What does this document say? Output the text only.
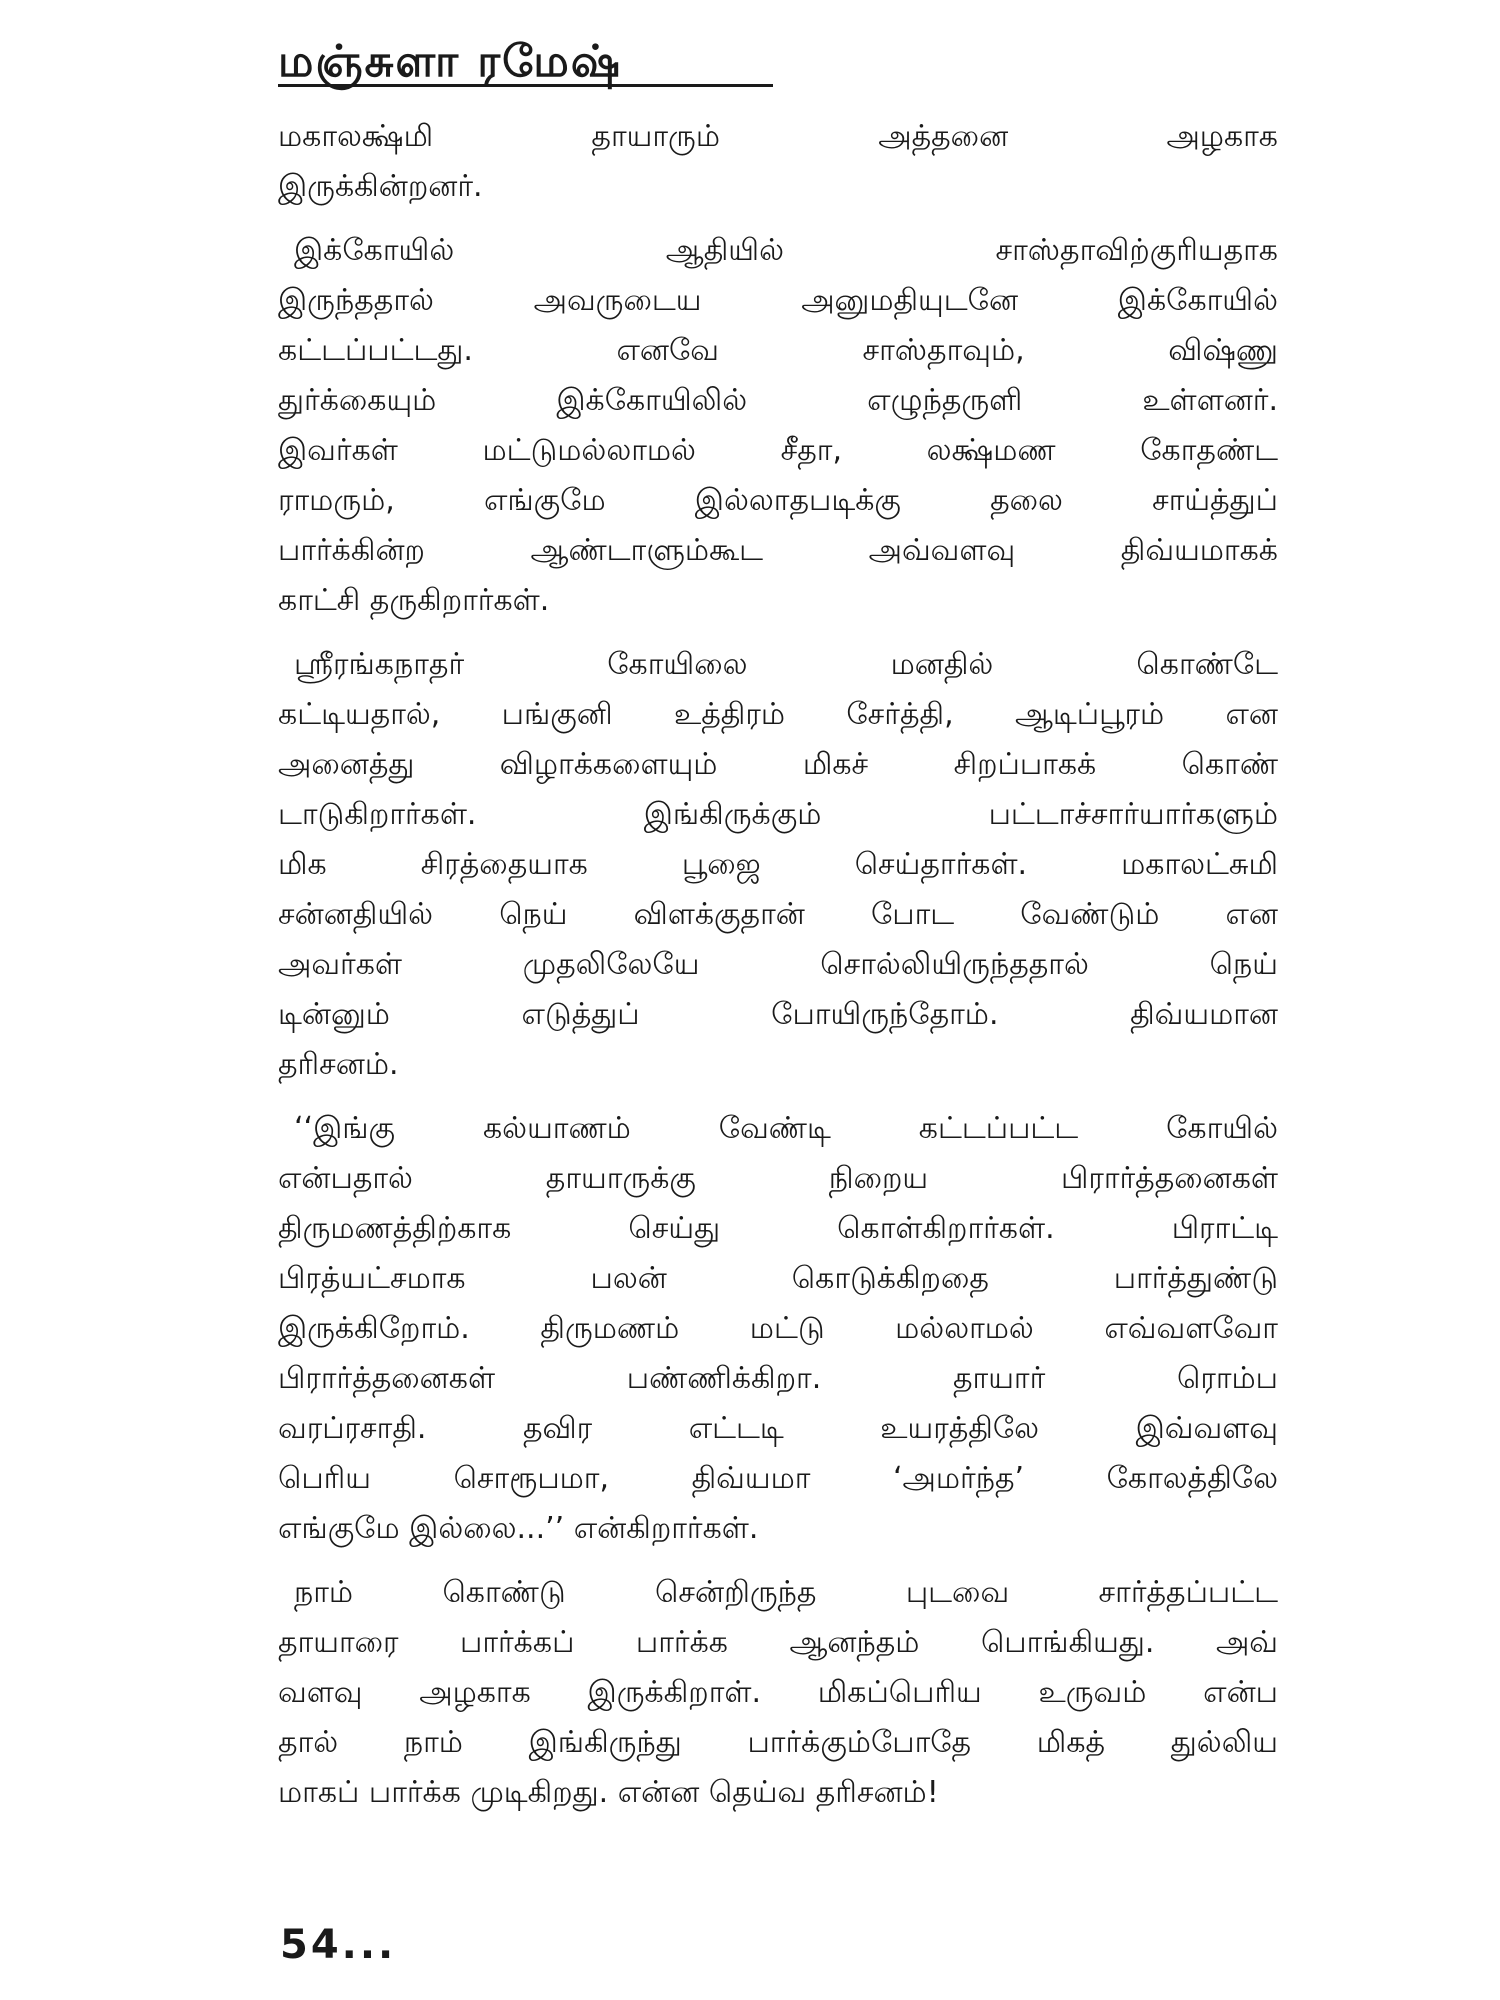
மஞ்சுளா ரமேஷ்
மகாலக்ஷ்மி தாயாரும் அத்தனை அழகாக
இருக்கின்றனர்.
இக்கோயில் ஆதியில் சாஸ்தாவிற்குரியதாக
இருந்ததால் அவருடைய அனுமதியுடனே இக்கோயில்
கட்டப்பட்டது. எனவே சாஸ்தாவும், விஷ்ணு
துர்க்கையும் இக்கோயிலில் எழுந்தருளி உள்ளனர்.
இவர்கள் மட்டுமல்லாமல் சீதா, லக்ஷ்மண கோதண்ட
ராமரும், எங்குமே இல்லாதபடிக்கு தலை சாய்த்துப்
பார்க்கின்ற ஆண்டாளும்கூட அவ்வளவு திவ்யமாகக்
காட்சி தருகிறார்கள்.
ஸ்ரீரங்கநாதர் கோயிலை மனதில் கொண்டே
கட்டியதால், பங்குனி உத்திரம் சேர்த்தி, ஆடிப்பூரம் என
அனைத்து விழாக்களையும் மிகச் சிறப்பாகக் கொண்
டாடுகிறார்கள். இங்கிருக்கும் பட்டாச்சார்யார்களும்
மிக சிரத்தையாக பூஜை செய்தார்கள். மகாலட்சுமி
சன்னதியில் நெய் விளக்குதான் போட வேண்டும் என
அவர்கள் முதலிலேயே சொல்லியிருந்ததால் நெய்
டின்னும் எடுத்துப் போயிருந்தோம். திவ்யமான
தரிசனம்.
‘‘இங்கு கல்யாணம் வேண்டி கட்டப்பட்ட கோயில்
என்பதால் தாயாருக்கு நிறைய பிரார்த்தனைகள்
திருமணத்திற்காக செய்து கொள்கிறார்கள். பிராட்டி
பிரத்யட்சமாக பலன் கொடுக்கிறதை பார்த்துண்டு
இருக்கிறோம். திருமணம் மட்டு மல்லாமல் எவ்வளவோ
பிரார்த்தனைகள் பண்ணிக்கிறா. தாயார் ரொம்ப
வரப்ரசாதி. தவிர எட்டடி உயரத்திலே இவ்வளவு
பெரிய சொரூபமா, திவ்யமா ‘அமர்ந்த’ கோலத்திலே
எங்குமே இல்லை...’’ என்கிறார்கள்.
நாம் கொண்டு சென்றிருந்த புடவை சார்த்தப்பட்ட
தாயாரை பார்க்கப் பார்க்க ஆனந்தம் பொங்கியது. அவ்
வளவு அழகாக இருக்கிறாள். மிகப்பெரிய உருவம் என்ப
தால் நாம் இங்கிருந்து பார்க்கும்போதே மிகத் துல்லிய
மாகப் பார்க்க முடிகிறது. என்ன தெய்வ தரிசனம்!
54...
